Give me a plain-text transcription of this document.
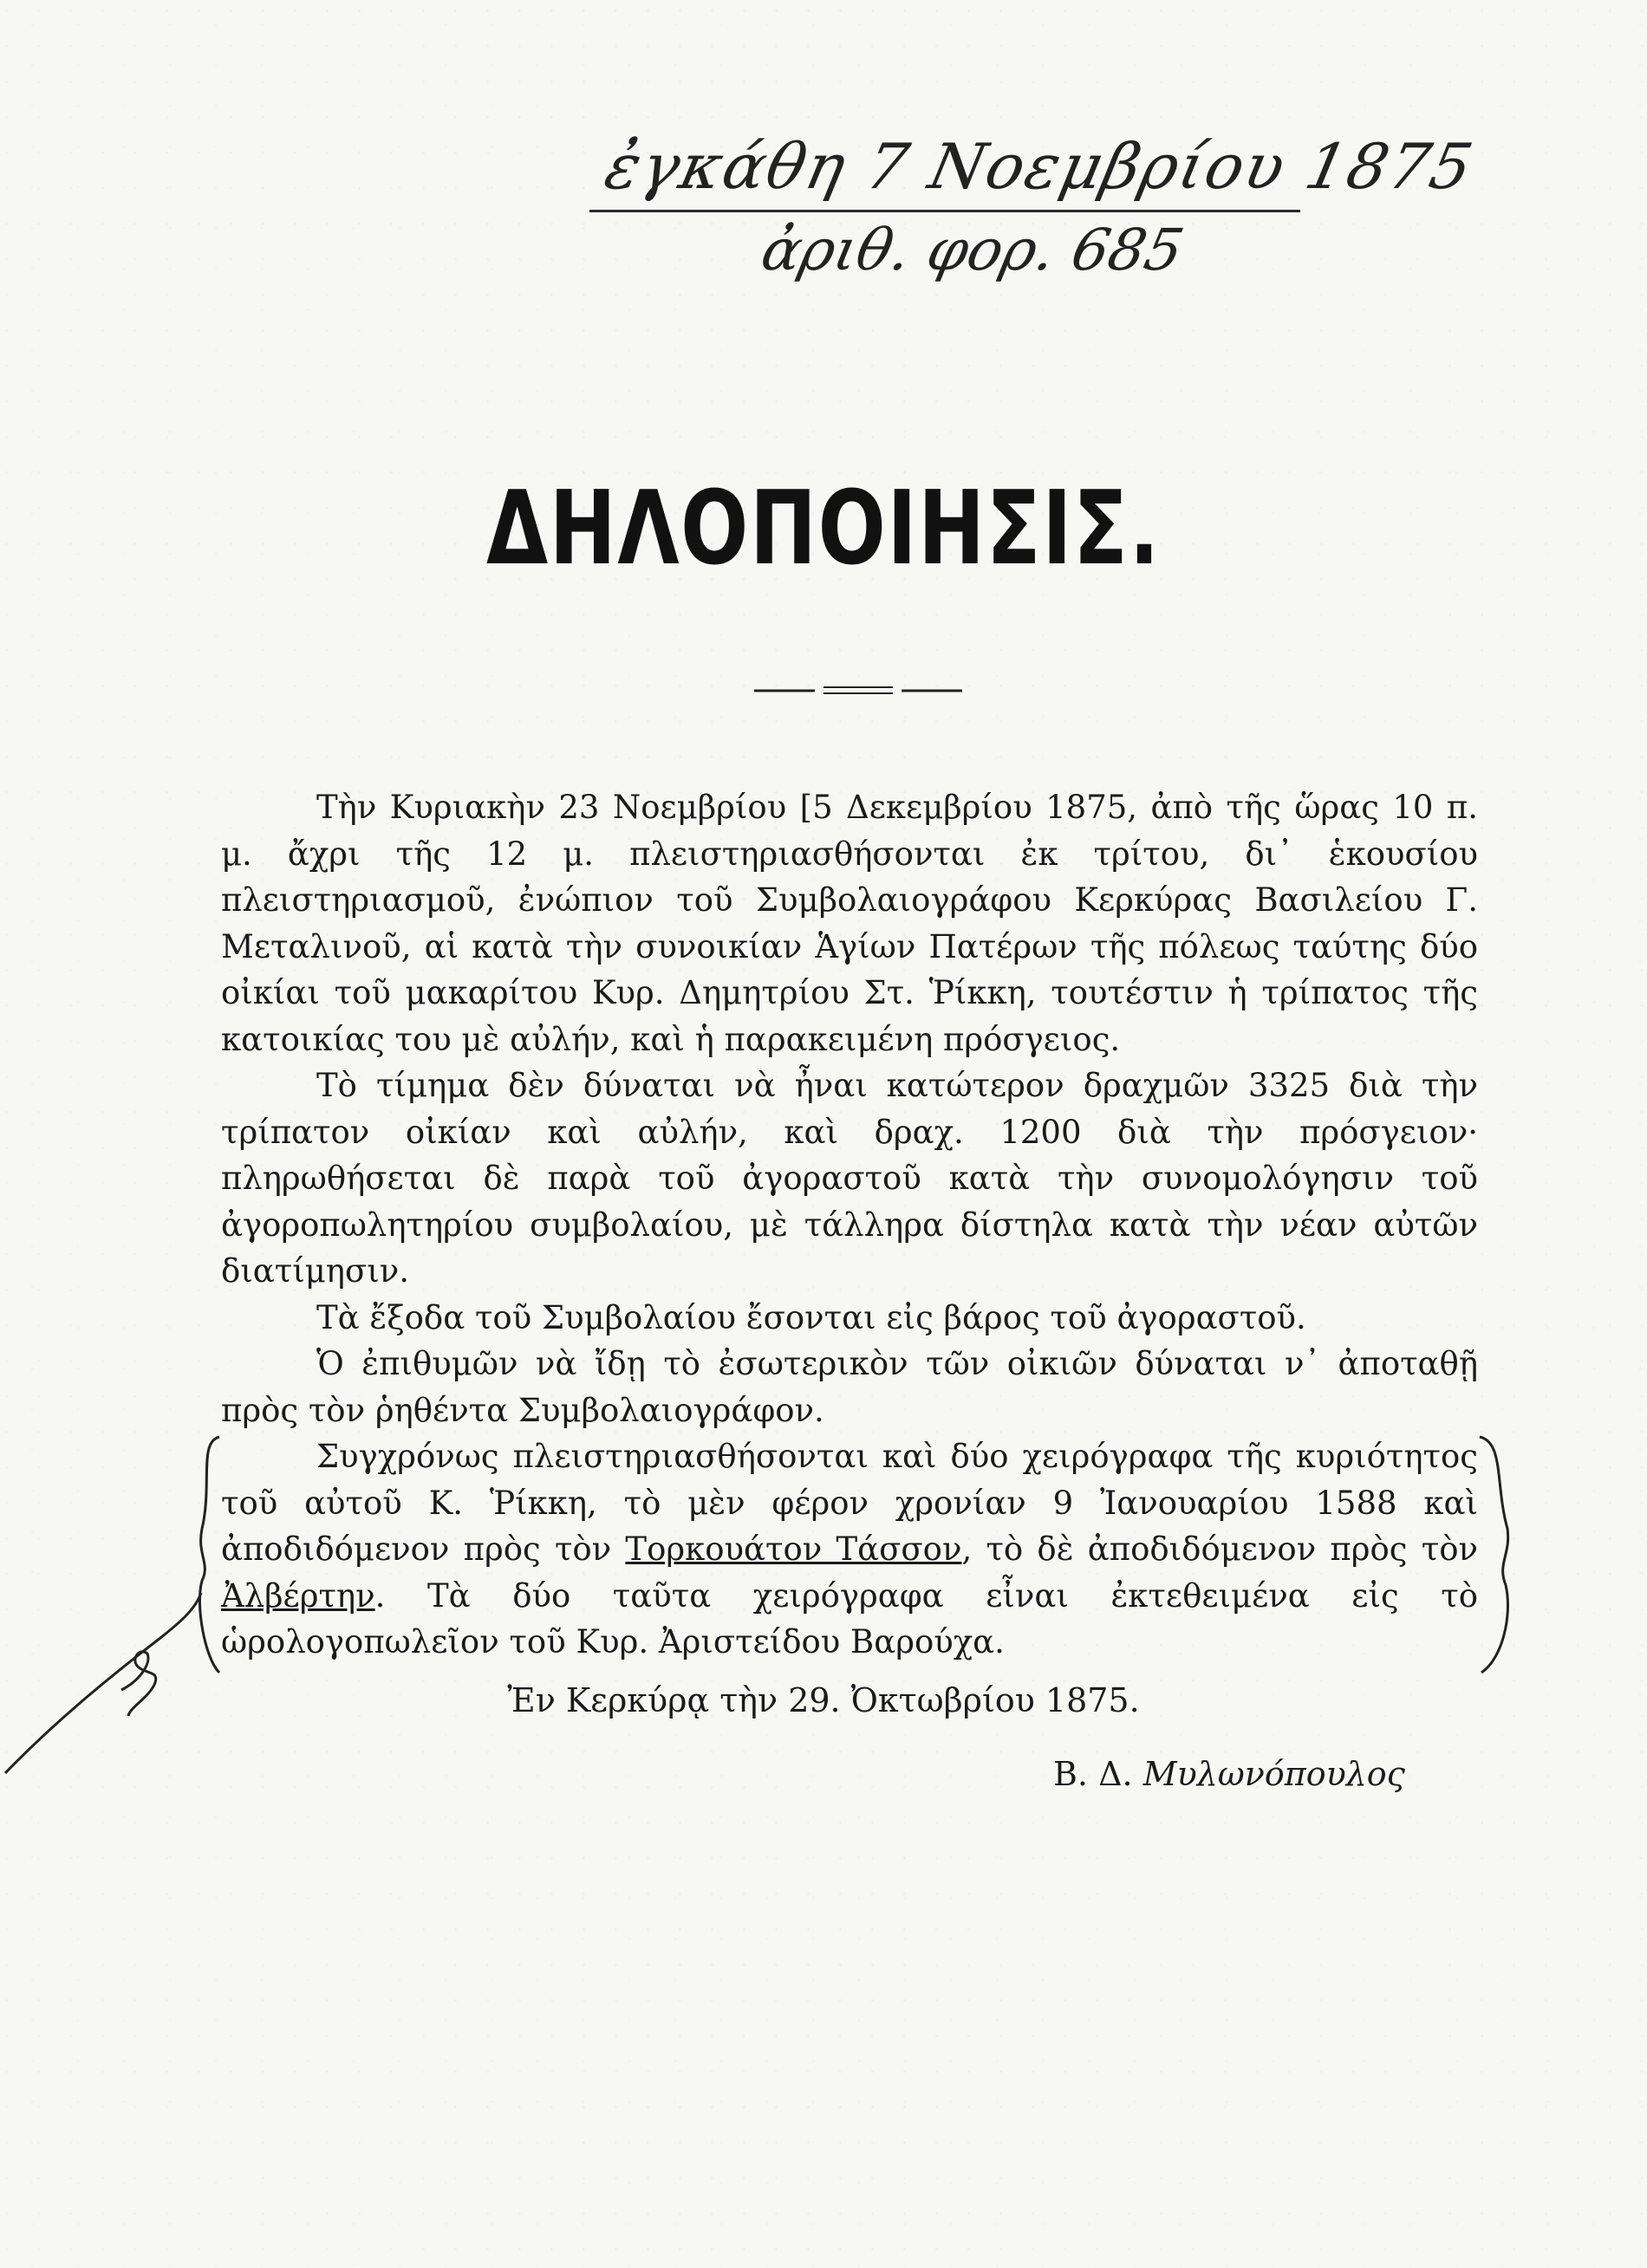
ἐγκάθη 7 Νοεμβρίου 1875
ἀριθ. φορ. 685
ΔΗΛΟΠΟΙΗΣΙΣ.

Τὴν Κυριακὴν 23 Νοεμβρίου [5 Δεκεμβρίου 1875, ἀπὸ τῆς ὥρας 10 π. μ. ἄχρι τῆς 12 μ. πλειστηριασθήσονται ἐκ τρίτου, δι᾽ ἑκουσίου πλειστηριασμοῦ, ἐνώπιον τοῦ Συμβολαιογράφου Κερκύρας Βασιλείου Γ. Μεταλινοῦ, αἱ κατὰ τὴν συνοικίαν Ἁγίων Πατέρων τῆς πόλεως ταύτης δύο οἰκίαι τοῦ μακαρίτου Κυρ. Δημητρίου Στ. Ῥίκκη, τουτέστιν ἡ τρίπατος τῆς κατοικίας του μὲ αὐλήν, καὶ ἡ παρακειμένη πρόσγειος.

Τὸ τίμημα δὲν δύναται νὰ ἦναι κατώτερον δραχμῶν 3325 διὰ τὴν τρίπατον οἰκίαν καὶ αὐλήν, καὶ δραχ. 1200 διὰ τὴν πρόσγειον· πληρωθήσεται δὲ παρὰ τοῦ ἀγοραστοῦ κατὰ τὴν συνομολόγησιν τοῦ ἀγοροπωλητηρίου συμβολαίου, μὲ τάλληρα δίστηλα κατὰ τὴν νέαν αὐτῶν διατίμησιν.

Τὰ ἔξοδα τοῦ Συμβολαίου ἔσονται εἰς βάρος τοῦ ἀγοραστοῦ.

Ὁ ἐπιθυμῶν νὰ ἴδῃ τὸ ἐσωτερικὸν τῶν οἰκιῶν δύναται ν᾽ ἀποταθῇ πρὸς τὸν ῥηθέντα Συμβολαιογράφον.

Συγχρόνως πλειστηριασθήσονται καὶ δύο χειρόγραφα τῆς κυριότητος τοῦ αὐτοῦ Κ. Ῥίκκη, τὸ μὲν φέρον χρονίαν 9 Ἰανουαρίου 1588 καὶ ἀποδιδόμενον πρὸς τὸν Τορκουάτον Τάσσον, τὸ δὲ ἀποδιδόμενον πρὸς τὸν Ἀλβέρτην. Τὰ δύο ταῦτα χειρόγραφα εἶναι ἐκτεθειμένα εἰς τὸ ὡρολογοπωλεῖον τοῦ Κυρ. Ἀριστείδου Βαρούχα.

Ἐν Κερκύρᾳ τὴν 29. Ὀκτωβρίου 1875.
Β. Δ. Μυλωνόπουλος
